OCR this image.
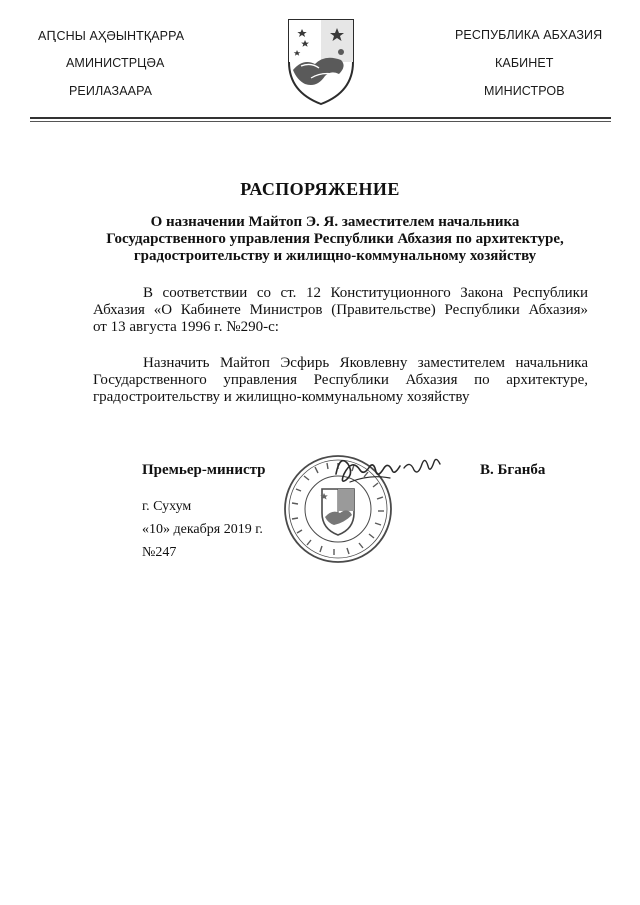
АԤСНЫ АҲӘЫНТҚАРРА
АМИНИСТРЦӘА
РЕИЛАЗААРА
РЕСПУБЛИКА АБХАЗИЯ
КАБИНЕТ
МИНИСТРОВ
РАСПОРЯЖЕНИЕ
О назначении Майтоп Э. Я. заместителем начальника
Государственного управления Республики Абхазия по архитектуре,
градостроительству и жилищно-коммунальному хозяйству
В соответствии со ст. 12 Конституционного Закона Республики
Абхазия «О Кабинете Министров (Правительстве) Республики Абхазия»
от 13 августа 1996 г. №290-с:
Назначить Майтоп Эсфирь Яковлевну заместителем начальника
Государственного управления Республики Абхазия по архитектуре,
градостроительству и жилищно-коммунальному хозяйству
Премьер-министр	В. Бганба
г. Сухум
«10» декабря 2019 г.
№247
